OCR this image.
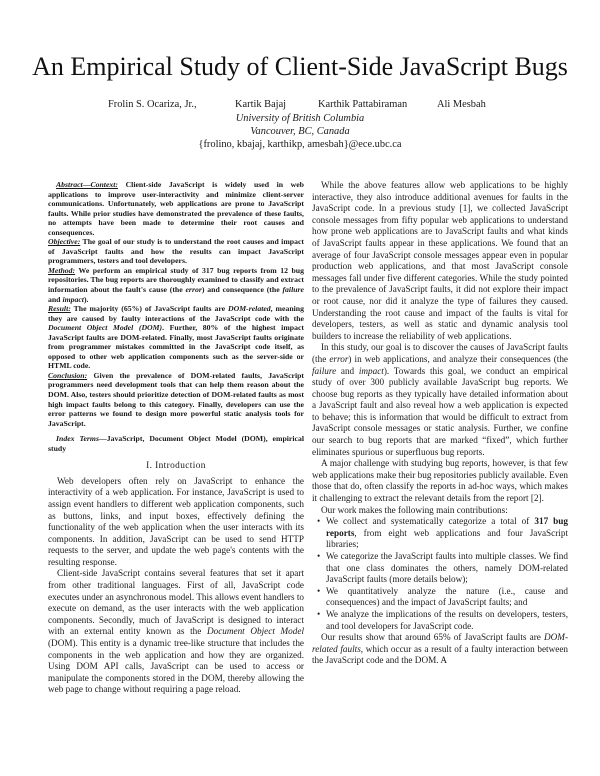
An Empirical Study of Client-Side JavaScript Bugs
Frolin S. Ocariza, Jr.,	Kartik Bajaj	Karthik Pattabiraman	Ali Mesbah
University of British Columbia
Vancouver, BC, Canada
{frolino, kbajaj, karthikp, amesbah}@ece.ubc.ca

Abstract—Context: Client-side JavaScript is widely used in web applications to improve user-interactivity and minimize client-server communications. Unfortunately, web applications are prone to JavaScript faults. While prior studies have demonstrated the prevalence of these faults, no attempts have been made to determine their root causes and consequences.

Objective: The goal of our study is to understand the root causes and impact of JavaScript faults and how the results can impact JavaScript programmers, testers and tool developers.

Method: We perform an empirical study of 317 bug reports from 12 bug repositories. The bug reports are thoroughly examined to classify and extract information about the fault's cause (the error) and consequence (the failure and impact).

Result: The majority (65%) of JavaScript faults are DOM-related, meaning they are caused by faulty interactions of the JavaScript code with the Document Object Model (DOM). Further, 80% of the highest impact JavaScript faults are DOM-related. Finally, most JavaScript faults originate from programmer mistakes committed in the JavaScript code itself, as opposed to other web application components such as the server-side or HTML code.

Conclusion: Given the prevalence of DOM-related faults, JavaScript programmers need development tools that can help them reason about the DOM. Also, testers should prioritize detection of DOM-related faults as most high impact faults belong to this category. Finally, developers can use the error patterns we found to design more powerful static analysis tools for JavaScript.

Index Terms—JavaScript, Document Object Model (DOM), empirical study

I. Introduction

Web developers often rely on JavaScript to enhance the interactivity of a web application. For instance, JavaScript is used to assign event handlers to different web application components, such as buttons, links, and input boxes, effectively defining the functionality of the web application when the user interacts with its components. In addition, JavaScript can be used to send HTTP requests to the server, and update the web page's contents with the resulting response.

Client-side JavaScript contains several features that set it apart from other traditional languages. First of all, JavaScript code executes under an asynchronous model. This allows event handlers to execute on demand, as the user interacts with the web application components. Secondly, much of JavaScript is designed to interact with an external entity known as the Document Object Model (DOM). This entity is a dynamic tree-like structure that includes the components in the web application and how they are organized. Using DOM API calls, JavaScript can be used to access or manipulate the components stored in the DOM, thereby allowing the web page to change without requiring a page reload.

While the above features allow web applications to be highly interactive, they also introduce additional avenues for faults in the JavaScript code. In a previous study [1], we collected JavaScript console messages from fifty popular web applications to understand how prone web applications are to JavaScript faults and what kinds of JavaScript faults appear in these applications. We found that an average of four JavaScript console messages appear even in popular production web applications, and that most JavaScript console messages fall under five different categories. While the study pointed to the prevalence of JavaScript faults, it did not explore their impact or root cause, nor did it analyze the type of failures they caused. Understanding the root cause and impact of the faults is vital for developers, testers, as well as static and dynamic analysis tool builders to increase the reliability of web applications.

In this study, our goal is to discover the causes of JavaScript faults (the error) in web applications, and analyze their consequences (the failure and impact). Towards this goal, we conduct an empirical study of over 300 publicly available JavaScript bug reports. We choose bug reports as they typically have detailed information about a JavaScript fault and also reveal how a web application is expected to behave; this is information that would be difficult to extract from JavaScript console messages or static analysis. Further, we confine our search to bug reports that are marked “fixed”, which further eliminates spurious or superfluous bug reports.

A major challenge with studying bug reports, however, is that few web applications make their bug repositories publicly available. Even those that do, often classify the reports in ad-hoc ways, which makes it challenging to extract the relevant details from the report [2].

Our work makes the following main contributions:

• We collect and systematically categorize a total of 317 bug reports, from eight web applications and four JavaScript libraries;
• We categorize the JavaScript faults into multiple classes. We find that one class dominates the others, namely DOM-related JavaScript faults (more details below);
• We quantitatively analyze the nature (i.e., cause and consequences) and the impact of JavaScript faults; and
• We analyze the implications of the results on developers, testers, and tool developers for JavaScript code.

Our results show that around 65% of JavaScript faults are DOM-related faults, which occur as a result of a faulty interaction between the JavaScript code and the DOM. A
